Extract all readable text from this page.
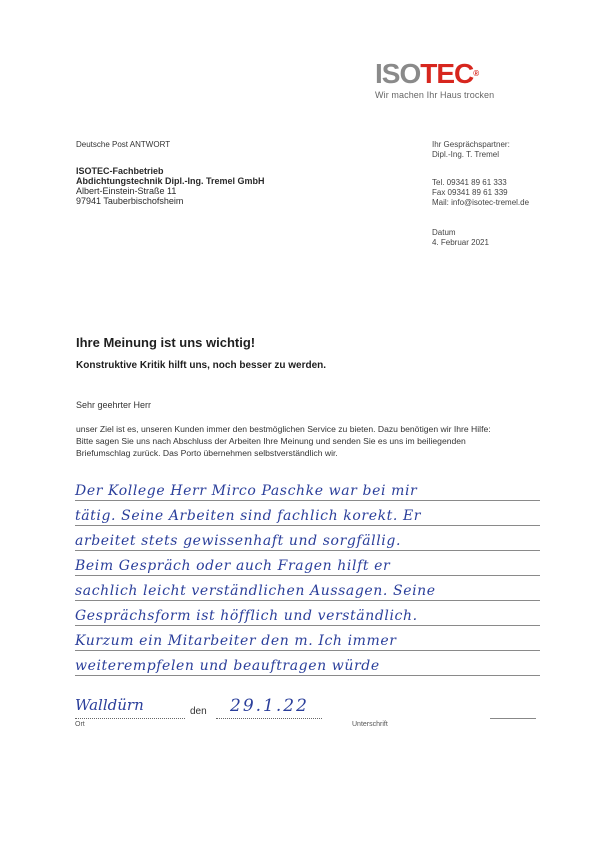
ISOTEC®
Wir machen Ihr Haus trocken
Deutsche Post ANTWORT
ISOTEC-Fachbetrieb
Abdichtungstechnik Dipl.-Ing. Tremel GmbH
Albert-Einstein-Straße 11
97941 Tauberbischofsheim
Ihr Gesprächspartner:
Dipl.-Ing. T. Tremel
Tel. 09341 89 61 333
Fax 09341 89 61 339
Mail: info@isotec-tremel.de
Datum
4. Februar 2021
Ihre Meinung ist uns wichtig!
Konstruktive Kritik hilft uns, noch besser zu werden.
Sehr geehrter Herr
unser Ziel ist es, unseren Kunden immer den bestmöglichen Service zu bieten. Dazu benötigen wir Ihre Hilfe: Bitte sagen Sie uns nach Abschluss der Arbeiten Ihre Meinung und senden Sie es uns im beiliegenden Briefumschlag zurück. Das Porto übernehmen selbstverständlich wir.
Der Kollege Herr Mirco Paschke war bei mir
tätig. Seine Arbeiten sind fachlich korekt. Er
arbeitet stets gewissenhaft und sorgfällig.
Beim Gespräch oder auch Fragen hilft er
sachlich leicht verständlichen Aussagen. Seine
Gesprächsform ist höfflich und verständlich.
Kurzum ein Mitarbeiter den m. Ich immer
weiterempfelen und beauftragen würde
Walldürn
Ort
den 29.1.22
Unterschrift
